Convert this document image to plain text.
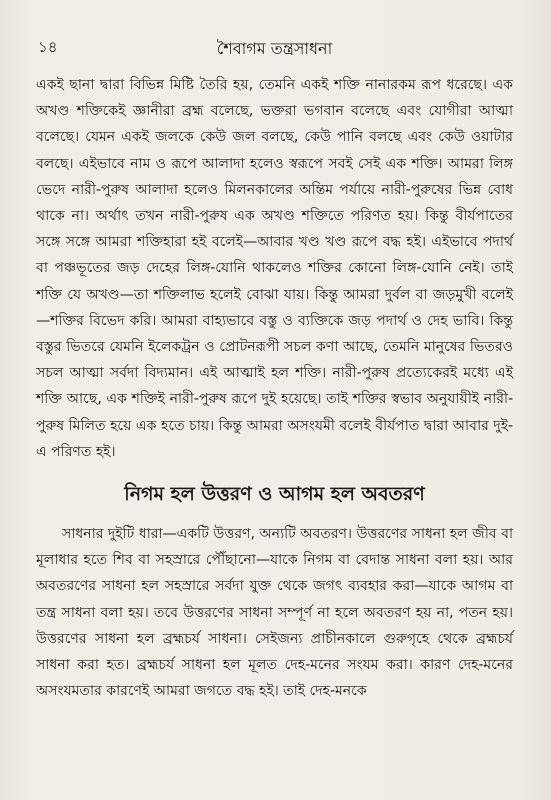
১৪	শৈবাগম তন্ত্রসাধনা

একই ছানা দ্বারা বিভিন্ন মিষ্টি তৈরি হয়, তেমনি একই শক্তি নানারকম রূপ ধরেছে। এক অখণ্ড শক্তিকেই জ্ঞানীরা ব্রহ্ম বলেছে, ভক্তরা ভগবান বলেছে এবং যোগীরা আত্মা বলেছে। যেমন একই জলকে কেউ জল বলছে, কেউ পানি বলছে এবং কেউ ওয়াটার বলছে। এইভাবে নাম ও রূপে আলাদা হলেও স্বরূপে সবই সেই এক শক্তি। আমরা লিঙ্গ ভেদে নারী-পুরুষ আলাদা হলেও মিলনকালের অন্তিম পর্যায়ে নারী-পুরুষের ভিন্ন বোধ থাকে না। অর্থাৎ তখন নারী-পুরুষ এক অখণ্ড শক্তিতে পরিণত হয়। কিন্তু বীর্যপাতের সঙ্গে সঙ্গে আমরা শক্তিহারা হই বলেই—আবার খণ্ড খণ্ড রূপে বদ্ধ হই। এইভাবে পদার্থ বা পঞ্চভূতের জড় দেহের লিঙ্গ-যোনি থাকলেও শক্তির কোনো লিঙ্গ-যোনি নেই। তাই শক্তি যে অখণ্ড—তা শক্তিলাভ হলেই বোঝা যায়। কিন্তু আমরা দুর্বল বা জড়মুখী বলেই—শক্তির বিভেদ করি। আমরা বাহ্যভাবে বস্তু ও ব্যক্তিকে জড় পদার্থ ও দেহ ভাবি। কিন্তু বস্তুর ভিতরে যেমনি ইলেকট্রন ও প্রোটনরূপী সচল কণা আছে, তেমনি মানুষের ভিতরও সচল আত্মা সর্বদা বিদ্যমান। এই আত্মাই হল শক্তি। নারী-পুরুষ প্রত্যেকেরই মধ্যে এই শক্তি আছে, এক শক্তিই নারী-পুরুষ রূপে দুই হয়েছে। তাই শক্তির স্বভাব অনুযায়ীই নারী-পুরুষ মিলিত হয়ে এক হতে চায়। কিন্তু আমরা অসংযমী বলেই বীর্যপাত দ্বারা আবার দুই-এ পরিণত হই।

নিগম হল উত্তরণ ও আগম হল অবতরণ

সাধনার দুইটি ধারা—একটি উত্তরণ, অন্যটি অবতরণ। উত্তরণের সাধনা হল জীব বা মূলাধার হতে শিব বা সহস্রারে পৌঁছানো—যাকে নিগম বা বেদান্ত সাধনা বলা হয়। আর অবতরণের সাধনা হল সহস্রারে সর্বদা যুক্ত থেকে জগৎ ব্যবহার করা—যাকে আগম বা তন্ত্র সাধনা বলা হয়। তবে উত্তরণের সাধনা সম্পূর্ণ না হলে অবতরণ হয় না, পতন হয়। উত্তরণের সাধনা হল ব্রহ্মচর্য সাধনা। সেইজন্য প্রাচীনকালে গুরুগৃহে থেকে ব্রহ্মচর্য সাধনা করা হত। ব্রহ্মচর্য সাধনা হল মূলত দেহ-মনের সংযম করা। কারণ দেহ-মনের অসংযমতার কারণেই আমরা জগতে বদ্ধ হই। তাই দেহ-মনকে
